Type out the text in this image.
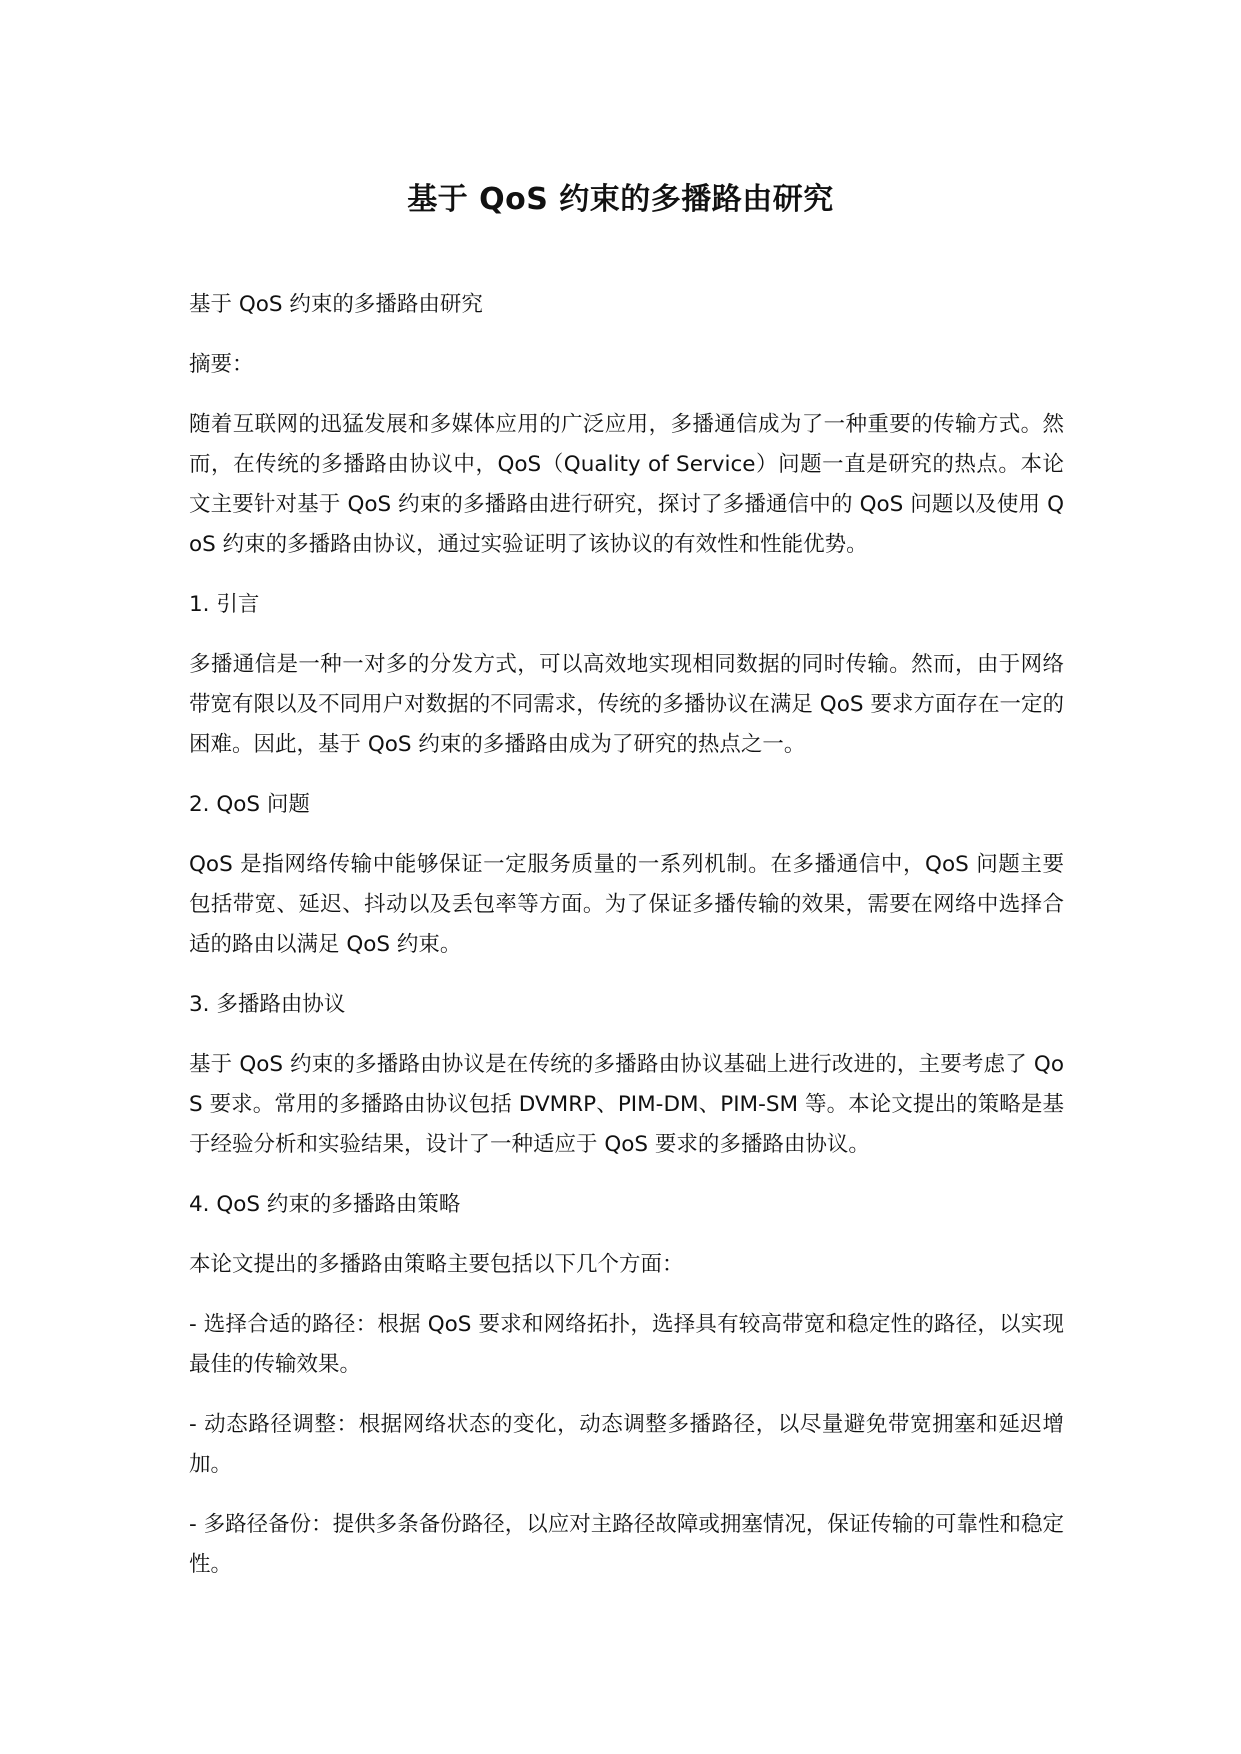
基于 QoS 约束的多播路由研究

基于 QoS 约束的多播路由研究

摘要：

随着互联网的迅猛发展和多媒体应用的广泛应用，多播通信成为了一种重要的传输方式。然而，在传统的多播路由协议中，QoS（Quality of Service）问题一直是研究的热点。本论文主要针对基于 QoS 约束的多播路由进行研究，探讨了多播通信中的 QoS 问题以及使用 QoS 约束的多播路由协议，通过实验证明了该协议的有效性和性能优势。

1. 引言

多播通信是一种一对多的分发方式，可以高效地实现相同数据的同时传输。然而，由于网络带宽有限以及不同用户对数据的不同需求，传统的多播协议在满足 QoS 要求方面存在一定的困难。因此，基于 QoS 约束的多播路由成为了研究的热点之一。

2. QoS 问题

QoS 是指网络传输中能够保证一定服务质量的一系列机制。在多播通信中，QoS 问题主要包括带宽、延迟、抖动以及丢包率等方面。为了保证多播传输的效果，需要在网络中选择合适的路由以满足 QoS 约束。

3. 多播路由协议

基于 QoS 约束的多播路由协议是在传统的多播路由协议基础上进行改进的，主要考虑了 QoS 要求。常用的多播路由协议包括 DVMRP、PIM-DM、PIM-SM 等。本论文提出的策略是基于经验分析和实验结果，设计了一种适应于 QoS 要求的多播路由协议。

4. QoS 约束的多播路由策略

本论文提出的多播路由策略主要包括以下几个方面：

- 选择合适的路径：根据 QoS 要求和网络拓扑，选择具有较高带宽和稳定性的路径，以实现最佳的传输效果。

- 动态路径调整：根据网络状态的变化，动态调整多播路径，以尽量避免带宽拥塞和延迟增加。

- 多路径备份：提供多条备份路径，以应对主路径故障或拥塞情况，保证传输的可靠性和稳定性。
